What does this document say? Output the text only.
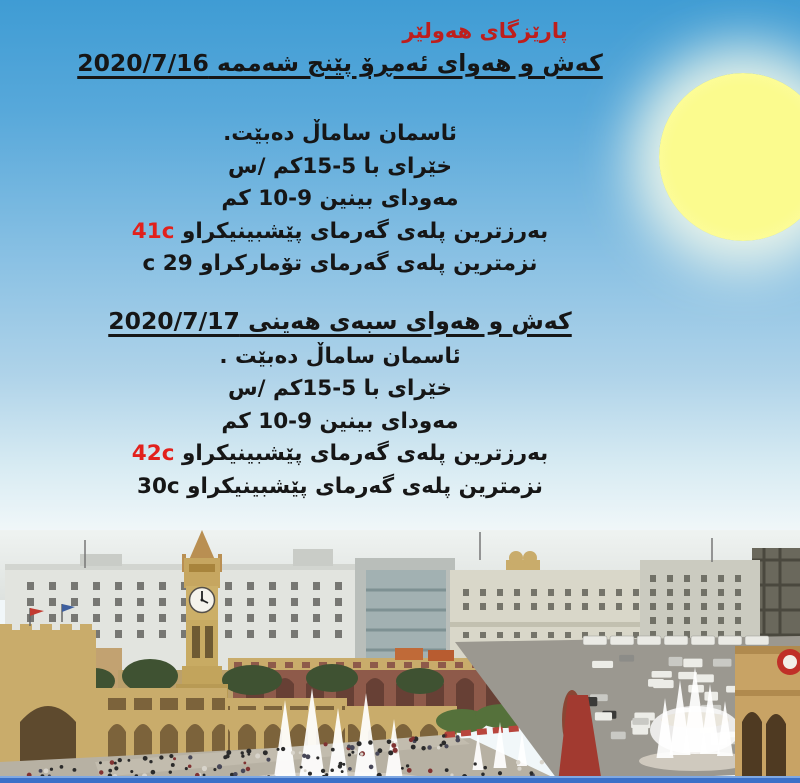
پارێزگای هەولێر
کەش و هەوای ئەمڕۆ پێنج شەممە 2020/7/16
ئاسمان ساماڵ دەبێت.
خێرای با 5-15کم /س
مەودای بینین 9-10 کم
بەرزترین پلەی گەرمای پێشبینیکراو 41c
نزمترین پلەی گەرمای تۆمارکراو 29 c
کەش و هەوای سبەی هەینی 2020/7/17
ئاسمان ساماڵ دەبێت .
خێرای با 5-15کم /س
مەودای بینین 9-10 کم
بەرزترین پلەی گەرمای پێشبینیکراو 42c
نزمترین پلەی گەرمای پێشبینیکراو 30c
